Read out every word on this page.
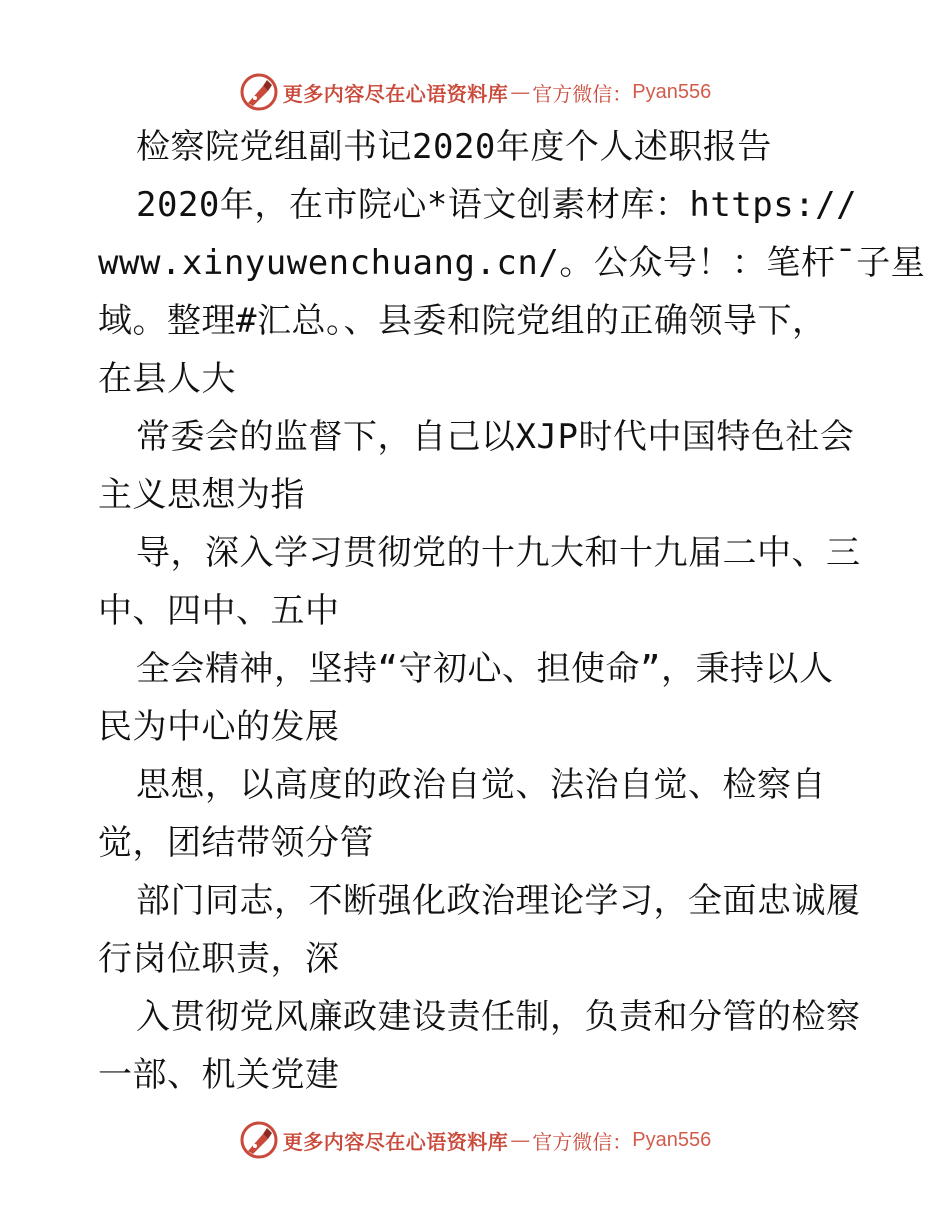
更多内容尽在心语资料库 — 官方微信： Pyan556
检察院党组副书记2020年度个人述职报告
2020年，在市院心*语文创素材库：https://
www.xinyuwenchuang.cn/。公众号！：笔杆¯子星
域。整理#汇总。、县委和院党组的正确领导下，
在县人大
常委会的监督下，自己以XJP时代中国特色社会
主义思想为指
导，深入学习贯彻党的十九大和十九届二中、三
中、四中、五中
全会精神，坚持“守初心、担使命”，秉持以人
民为中心的发展
思想，以高度的政治自觉、法治自觉、检察自
觉，团结带领分管
部门同志，不断强化政治理论学习，全面忠诚履
行岗位职责，深
入贯彻党风廉政建设责任制，负责和分管的检察
一部、机关党建
更多内容尽在心语资料库 — 官方微信： Pyan556
